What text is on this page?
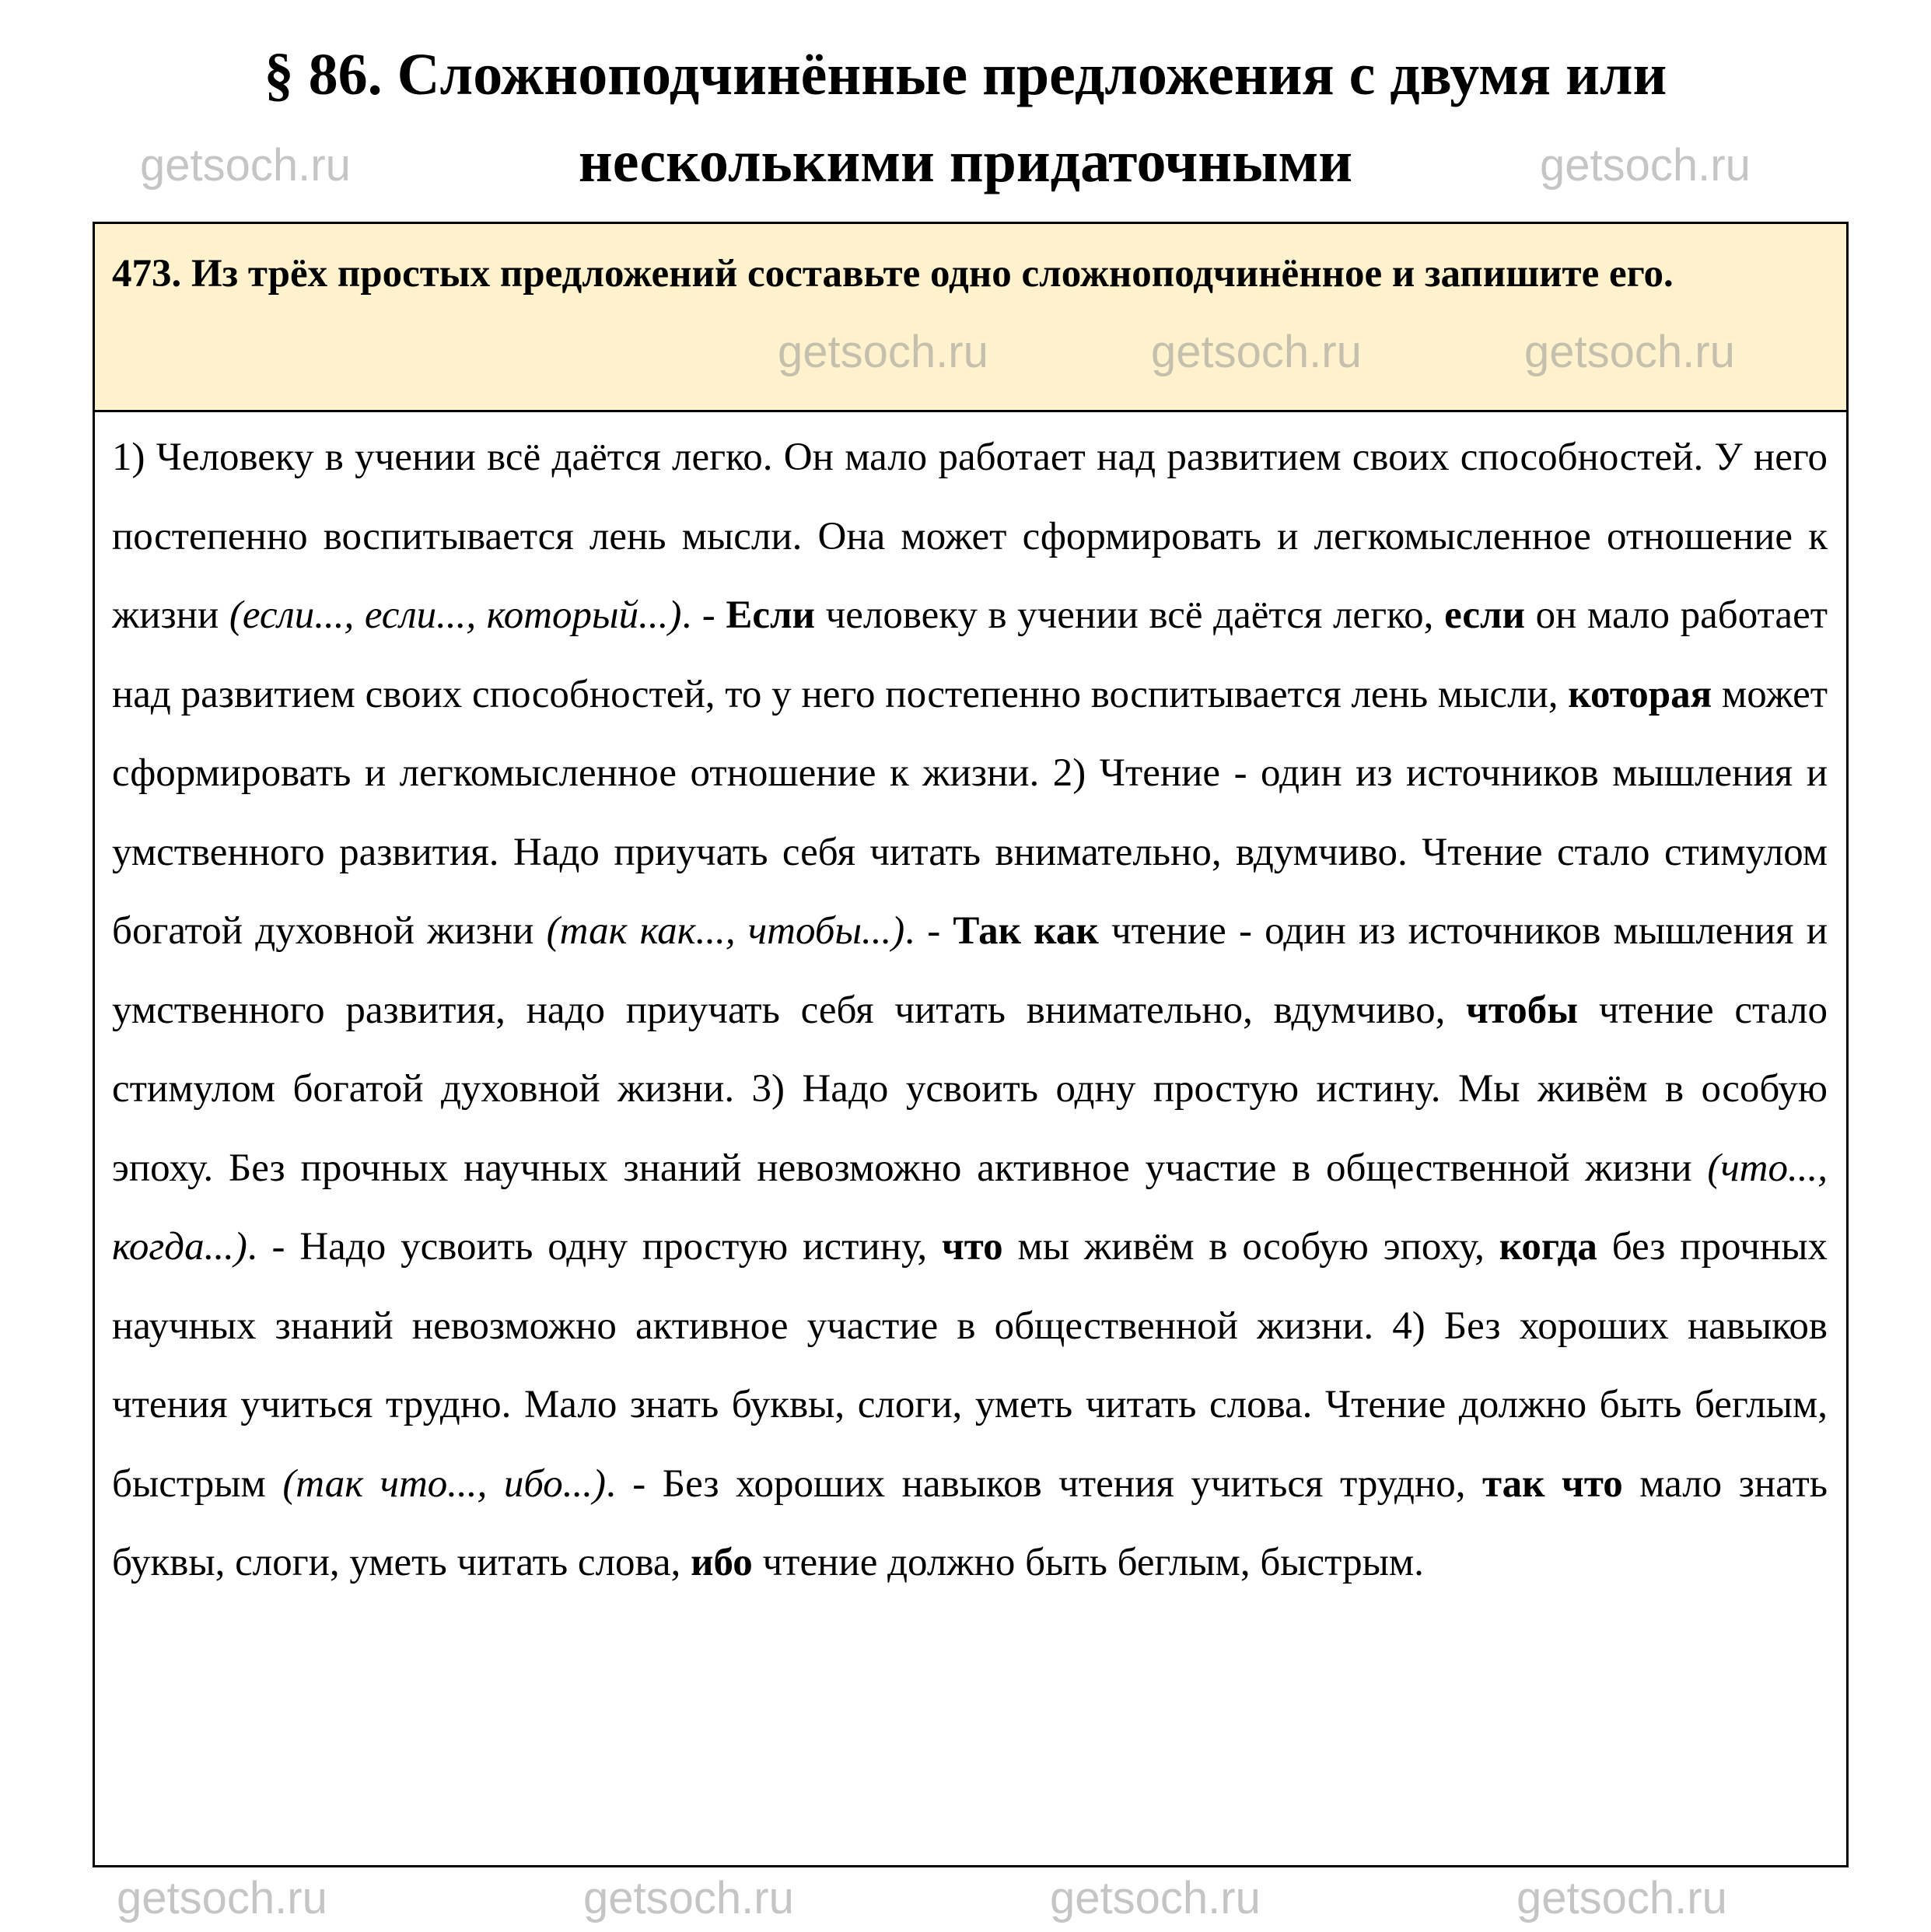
§ 86. Сложноподчинённые предложения с двумя или
несколькими придаточными
473. Из трёх простых предложений составьте одно сложноподчинённое и запишите его.
1) Человеку в учении всё даётся легко. Он мало работает над развитием своих способностей. У него постепенно воспитывается лень мысли. Она может сформировать и легкомысленное отношение к жизни (если..., если..., который...). - Если человеку в учении всё даётся легко, если он мало работает над развитием своих способностей, то у него постепенно воспитывается лень мысли, которая может сформировать и легкомысленное отношение к жизни. 2) Чтение - один из источников мышления и умственного развития. Надо приучать себя читать внимательно, вдумчиво. Чтение стало стимулом богатой духовной жизни (так как..., чтобы...). - Так как чтение - один из источников мышления и умственного развития, надо приучать себя читать внимательно, вдумчиво, чтобы чтение стало стимулом богатой духовной жизни. 3) Надо усвоить одну простую истину. Мы живём в особую эпоху. Без прочных научных знаний невозможно активное участие в общественной жизни (что..., когда...). - Надо усвоить одну простую истину, что мы живём в особую эпоху, когда без прочных научных знаний невозможно активное участие в общественной жизни. 4) Без хороших навыков чтения учиться трудно. Мало знать буквы, слоги, уметь читать слова. Чтение должно быть беглым, быстрым (так что..., ибо...). - Без хороших навыков чтения учиться трудно, так что мало знать буквы, слоги, уметь читать слова, ибо чтение должно быть беглым, быстрым.
getsoch.ru	getsoch.ru
getsoch.ru	getsoch.ru	getsoch.ru
getsoch.ru	getsoch.ru	getsoch.ru	getsoch.ru
